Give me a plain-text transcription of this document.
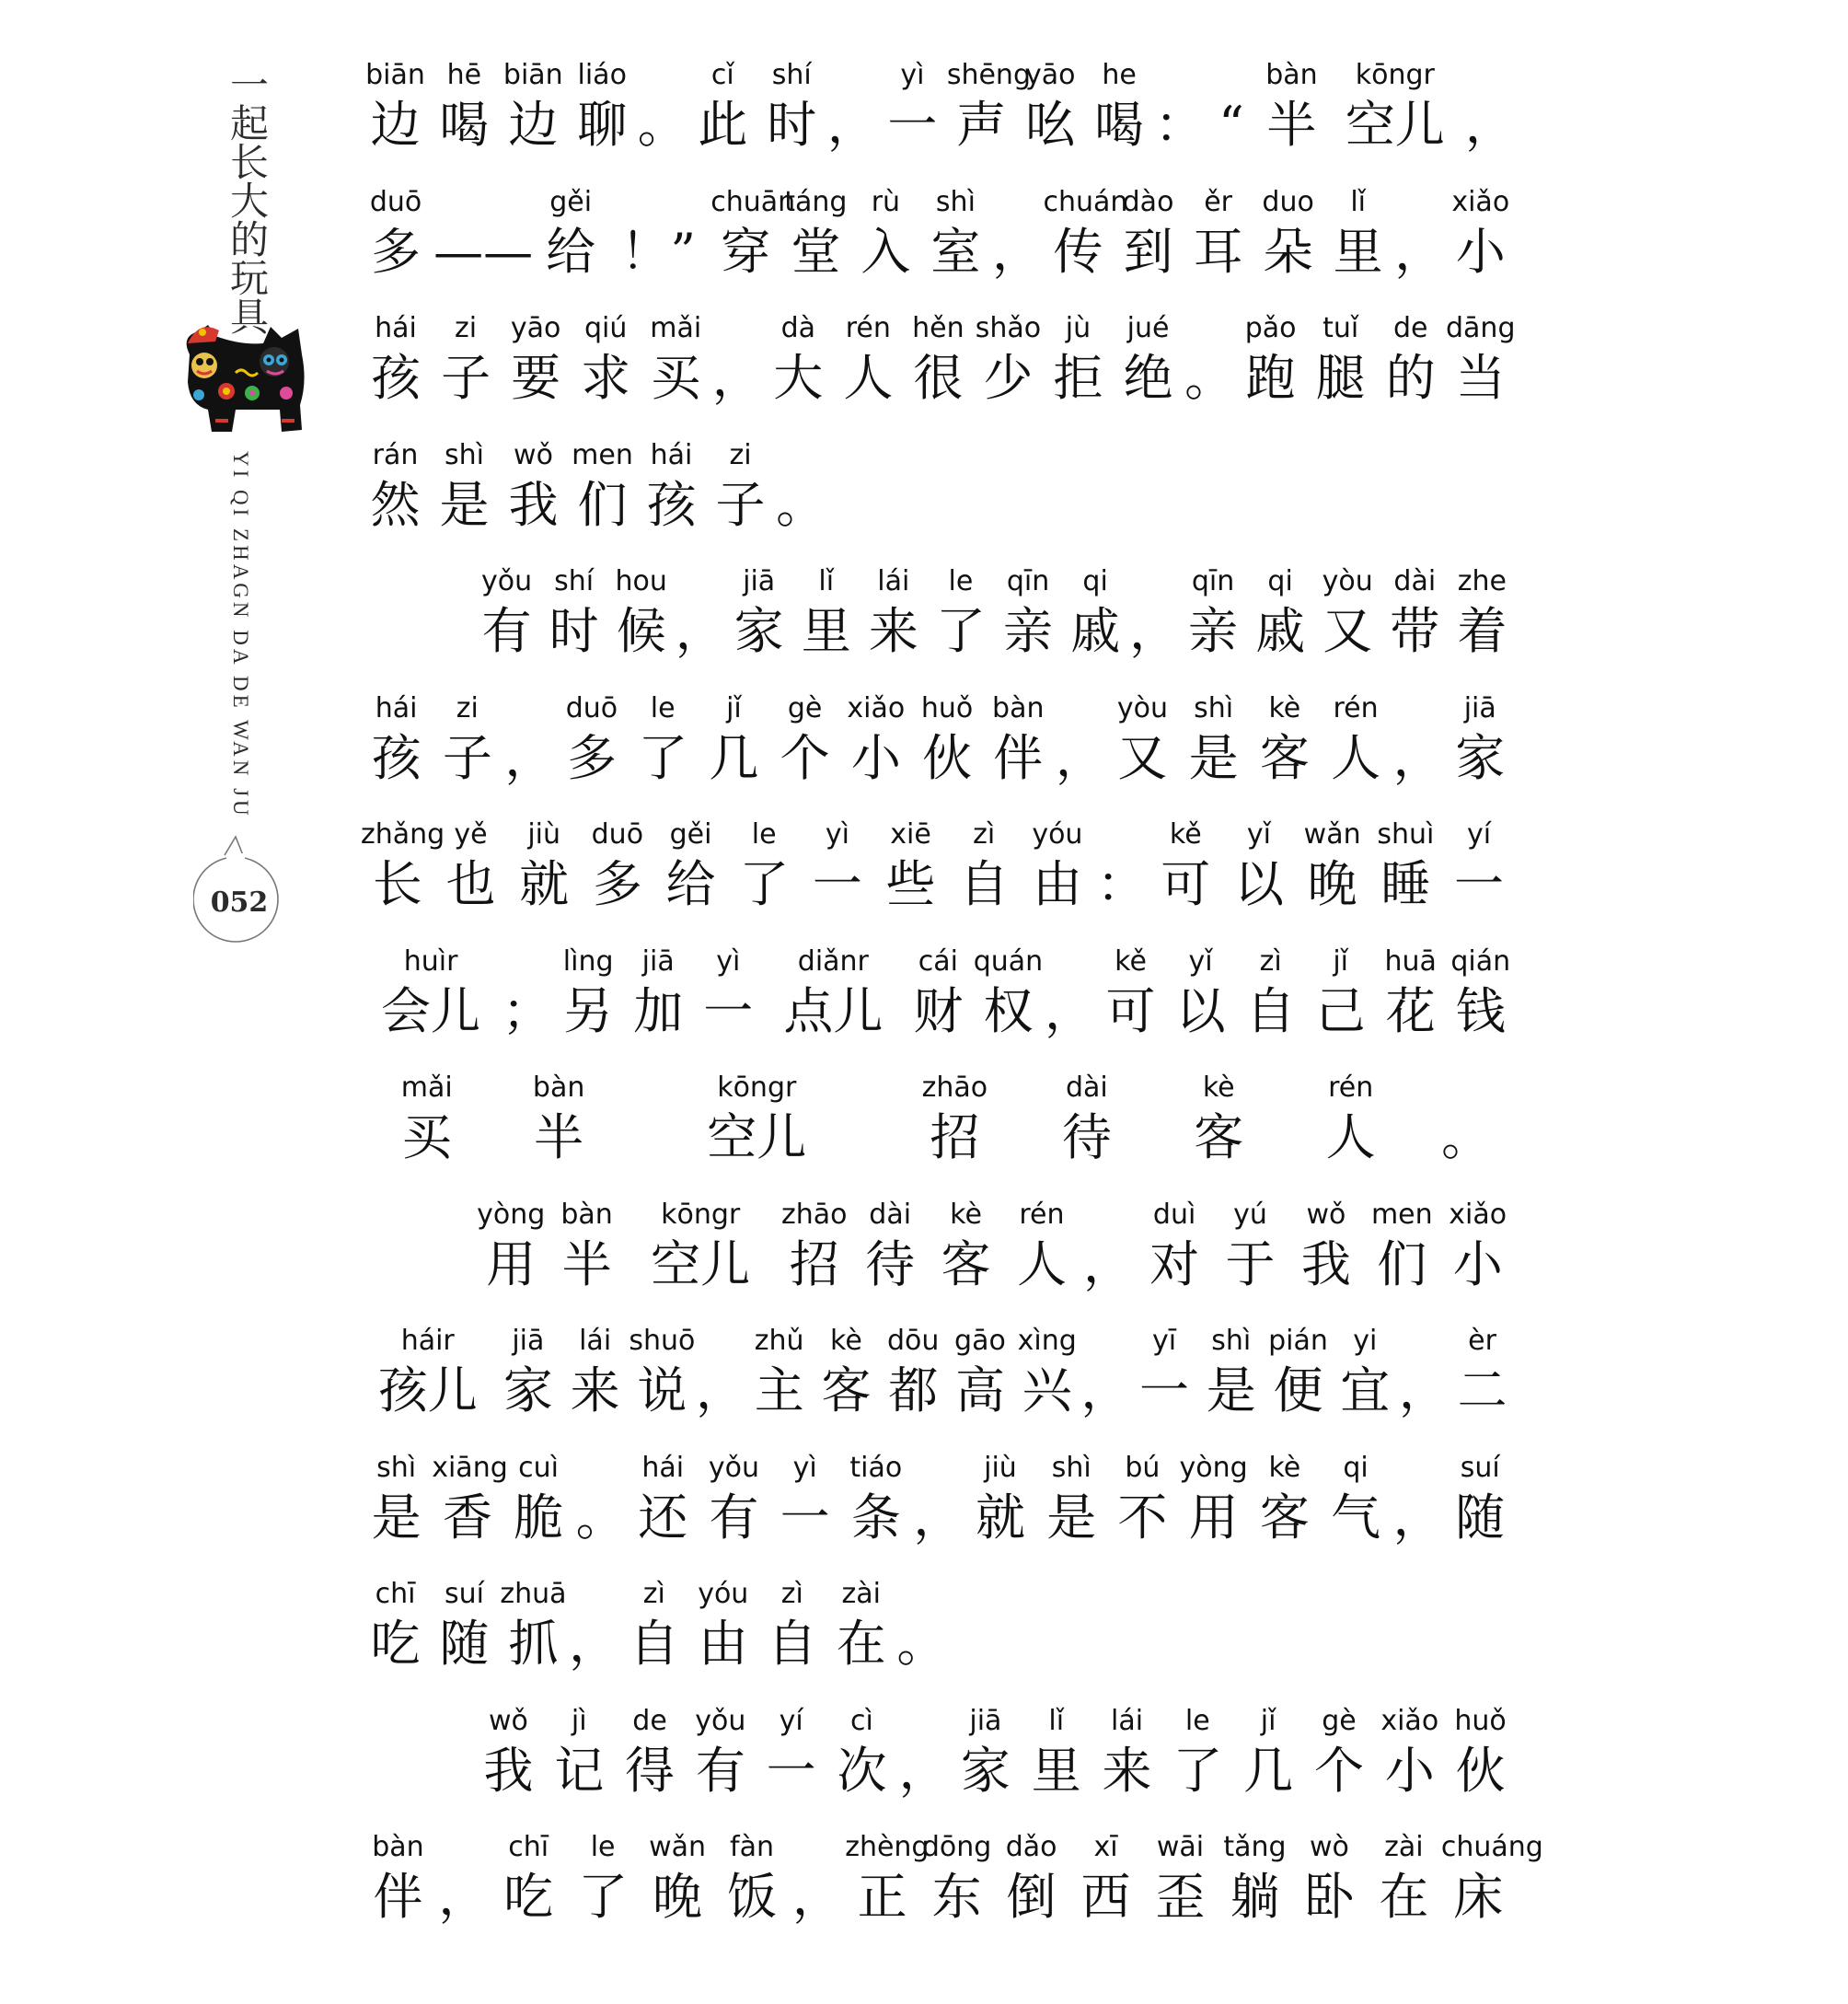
一起长大的玩具
YI QI ZHAGN DA DE WAN JU
052
biān
边
hē
喝
biān
边
liáo
聊 。
cǐ
此
shí
时 ，
yì
一
shēng
声
yāo
吆
he
喝 ： “
bàn
半
kōngr
空儿 ，
duō
多 ——
gěi
给 ！”
chuān
穿
táng
堂
rù
入
shì
室 ，
chuán
传
dào
到
ěr
耳
duo
朵
lǐ
里 ，
xiǎo
小
hái
孩
zi
子
yāo
要
qiú
求
mǎi
买 ，
dà
大
rén
人
hěn
很
shǎo
少
jù
拒
jué
绝 。
pǎo
跑
tuǐ
腿
de
的
dāng
当
rán
然
shì
是
wǒ
我
men
们
hái
孩
zi
子 。
yǒu
有
shí
时
hou
候 ，
jiā
家
lǐ
里
lái
来
le
了
qīn
亲
qi
戚 ，
qīn
亲
qi
戚
yòu
又
dài
带
zhe
着
hái
孩
zi
子 ，
duō
多
le
了
jǐ
几
gè
个
xiǎo
小
huǒ
伙
bàn
伴 ，
yòu
又
shì
是
kè
客
rén
人 ，
jiā
家
zhǎng
长
yě
也
jiù
就
duō
多
gěi
给
le
了
yì
一
xiē
些
zì
自
yóu
由 ：
kě
可
yǐ
以
wǎn
晚
shuì
睡
yí
一
huìr
会儿 ；
lìng
另
jiā
加
yì
一
diǎnr
点儿
cái
财
quán
权 ，
kě
可
yǐ
以
zì
自
jǐ
己
huā
花
qián
钱
mǎi
买
bàn
半
kōngr
空儿
zhāo
招
dài
待
kè
客
rén
人	。
yòng
用
bàn
半
kōngr
空儿
zhāo
招
dài
待
kè
客
rén
人 ，
duì
对
yú
于
wǒ
我
men
们
xiǎo
小
háir
孩儿
jiā
家
lái
来
shuō
说 ，
zhǔ
主
kè
客
dōu
都
gāo
高
xìng
兴 ，
yī
一
shì
是
pián
便
yi
宜 ，
èr
二
shì
是
xiāng
香
cuì
脆 。
hái
还
yǒu
有
yì
一
tiáo
条 ，
jiù
就
shì
是
bú
不
yòng
用
kè
客
qi
气 ，
suí
随
chī
吃
suí
随
zhuā
抓 ，
zì
自
yóu
由
zì
自
zài
在 。
wǒ
我
jì
记
de
得
yǒu
有
yí
一
cì
次 ，
jiā
家
lǐ
里
lái
来
le
了
jǐ
几
gè
个
xiǎo
小
huǒ
伙
bàn
伴 ，
chī
吃
le
了
wǎn
晚
fàn
饭 ，
zhèng
正
dōng
东
dǎo
倒
xī
西
wāi
歪
tǎng
躺
wò
卧
zài
在
chuáng
床
